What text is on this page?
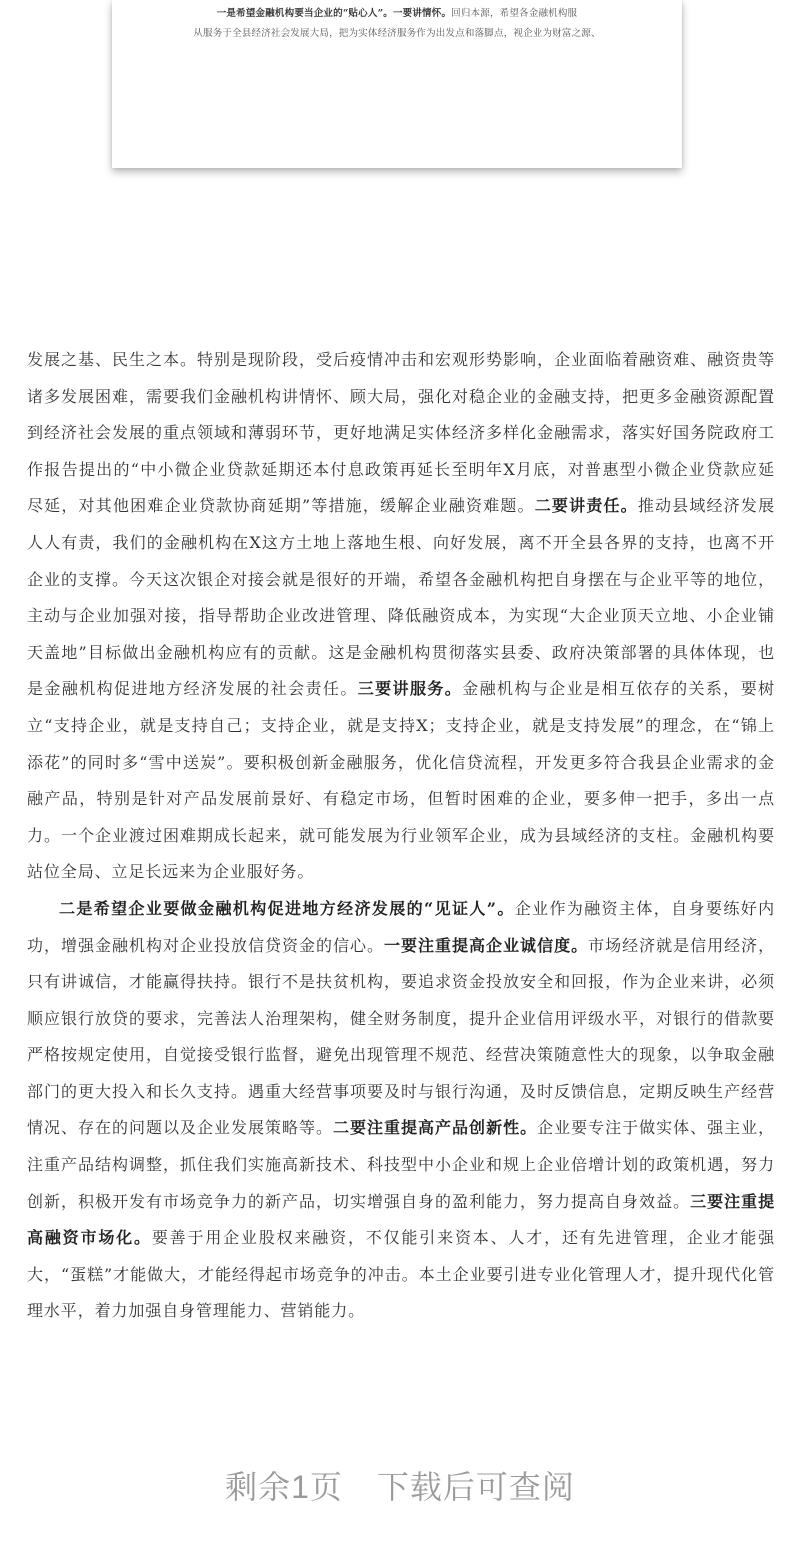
一是希望金融机构要当企业的“贴心人”。一要讲情怀。回归本源，希望各金融机构服
从服务于全县经济社会发展大局，把为实体经济服务作为出发点和落脚点，视企业为财富之源、

发展之基、民生之本。特别是现阶段，受后疫情冲击和宏观形势影响，企业面临着融资难、融资贵等诸多发展困难，需要我们金融机构讲情怀、顾大局，强化对稳企业的金融支持，把更多金融资源配置到经济社会发展的重点领域和薄弱环节，更好地满足实体经济多样化金融需求，落实好国务院政府工作报告提出的“中小微企业贷款延期还本付息政策再延长至明年X月底，对普惠型小微企业贷款应延尽延，对其他困难企业贷款协商延期”等措施，缓解企业融资难题。二要讲责任。推动县域经济发展人人有责，我们的金融机构在X这方土地上落地生根、向好发展，离不开全县各界的支持，也离不开企业的支撑。今天这次银企对接会就是很好的开端，希望各金融机构把自身摆在与企业平等的地位，主动与企业加强对接，指导帮助企业改进管理、降低融资成本，为实现“大企业顶天立地、小企业铺天盖地”目标做出金融机构应有的贡献。这是金融机构贯彻落实县委、政府决策部署的具体体现，也是金融机构促进地方经济发展的社会责任。三要讲服务。金融机构与企业是相互依存的关系，要树立“支持企业，就是支持自己；支持企业，就是支持X；支持企业，就是支持发展”的理念，在“锦上添花”的同时多“雪中送炭”。要积极创新金融服务，优化信贷流程，开发更多符合我县企业需求的金融产品，特别是针对产品发展前景好、有稳定市场，但暂时困难的企业，要多伸一把手，多出一点力。一个企业渡过困难期成长起来，就可能发展为行业领军企业，成为县域经济的支柱。金融机构要站位全局、立足长远来为企业服好务。

二是希望企业要做金融机构促进地方经济发展的“见证人”。企业作为融资主体，自身要练好内功，增强金融机构对企业投放信贷资金的信心。一要注重提高企业诚信度。市场经济就是信用经济，只有讲诚信，才能赢得扶持。银行不是扶贫机构，要追求资金投放安全和回报，作为企业来讲，必须顺应银行放贷的要求，完善法人治理架构，健全财务制度，提升企业信用评级水平，对银行的借款要严格按规定使用，自觉接受银行监督，避免出现管理不规范、经营决策随意性大的现象，以争取金融部门的更大投入和长久支持。遇重大经营事项要及时与银行沟通，及时反馈信息，定期反映生产经营情况、存在的问题以及企业发展策略等。二要注重提高产品创新性。企业要专注于做实体、强主业，注重产品结构调整，抓住我们实施高新技术、科技型中小企业和规上企业倍增计划的政策机遇，努力创新，积极开发有市场竞争力的新产品，切实增强自身的盈利能力，努力提高自身效益。三要注重提高融资市场化。要善于用企业股权来融资，不仅能引来资本、人才，还有先进管理，企业才能强大，“蛋糕”才能做大，才能经得起市场竞争的冲击。本土企业要引进专业化管理人才，提升现代化管理水平，着力加强自身管理能力、营销能力。

剩余1页 下载后可查阅
